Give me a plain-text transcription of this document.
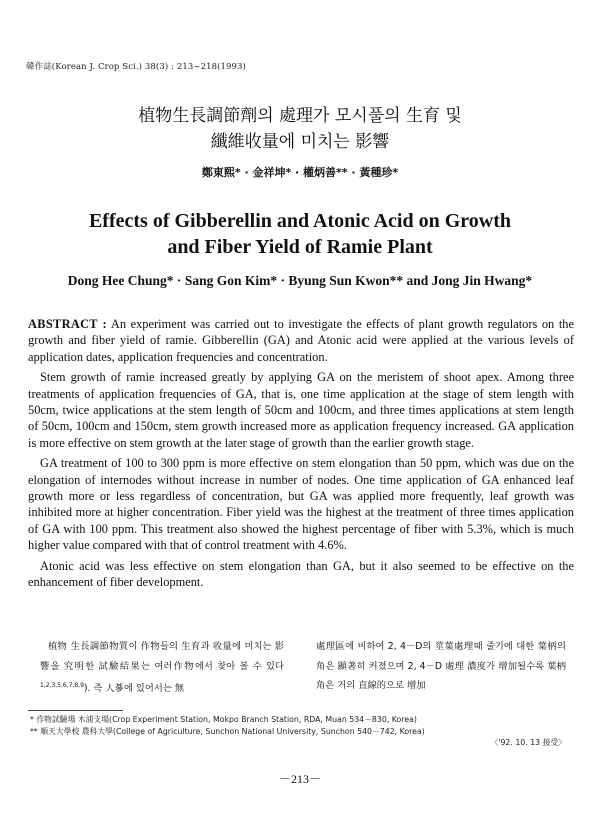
韓作誌(Korean J. Crop Sci.) 38(3) : 213~218(1993)
植物生長調節劑의 處理가 모시풀의 生育 및
纖維收量에 미치는 影響
鄭東熙* · 金祥坤* · 權炳善** · 黃種珍*
Effects of Gibberellin and Atonic Acid on Growth
and Fiber Yield of Ramie Plant
Dong Hee Chung* · Sang Gon Kim* · Byung Sun Kwon** and Jong Jin Hwang*

ABSTRACT : An experiment was carried out to investigate the effects of plant growth regulators on the growth and fiber yield of ramie. Gibberellin (GA) and Atonic acid were applied at the various levels of application dates, application frequencies and concentration.

Stem growth of ramie increased greatly by applying GA on the meristem of shoot apex. Among three treatments of application frequencies of GA, that is, one time application at the stage of stem length with 50cm, twice applications at the stem length of 50cm and 100cm, and three times applications at stem length of 50cm, 100cm and 150cm, stem growth increased more as application frequency increased. GA application is more effective on stem growth at the later stage of growth than the earlier growth stage.

GA treatment of 100 to 300 ppm is more effective on stem elongation than 50 ppm, which was due on the elongation of internodes without increase in number of nodes. One time application of GA enhanced leaf growth more or less regardless of concentration, but GA was applied more frequently, leaf growth was inhibited more at higher concentration. Fiber yield was the highest at the treatment of three times application of GA with 100 ppm. This treatment also showed the highest percentage of fiber with 5.3%, which is much higher value compared with that of control treatment with 4.6%.

Atonic acid was less effective on stem elongation than GA, but it also seemed to be effective on the enhancement of fiber development.

植物 生長調節物質이 作物들의 生育과 收量에 미치는 影響을 究明한 試驗結果는 여러作物에서 찾아 볼 수 있다$^{1,2,3,5,6,7,8,9}$). 즉 人蔘에 있어서는 無

處理區에 비하여 2, 4－D의 莖葉處理때 줄기에 대한 葉柄의 角은 顯著히 커졌으며 2, 4－D 處理 濃度가 增加될수록 葉柄角은 거의 直線的으로 增加

* 作物試驗場 木浦支場(Crop Experiment Station, Mokpo Branch Station, RDA, Muan 534－830, Korea)
** 順天大學校 農科大學(College of Agriculture, Sunchon National University, Sunchon 540－742, Korea)
〈'92. 10. 13 接受〉
－213－
